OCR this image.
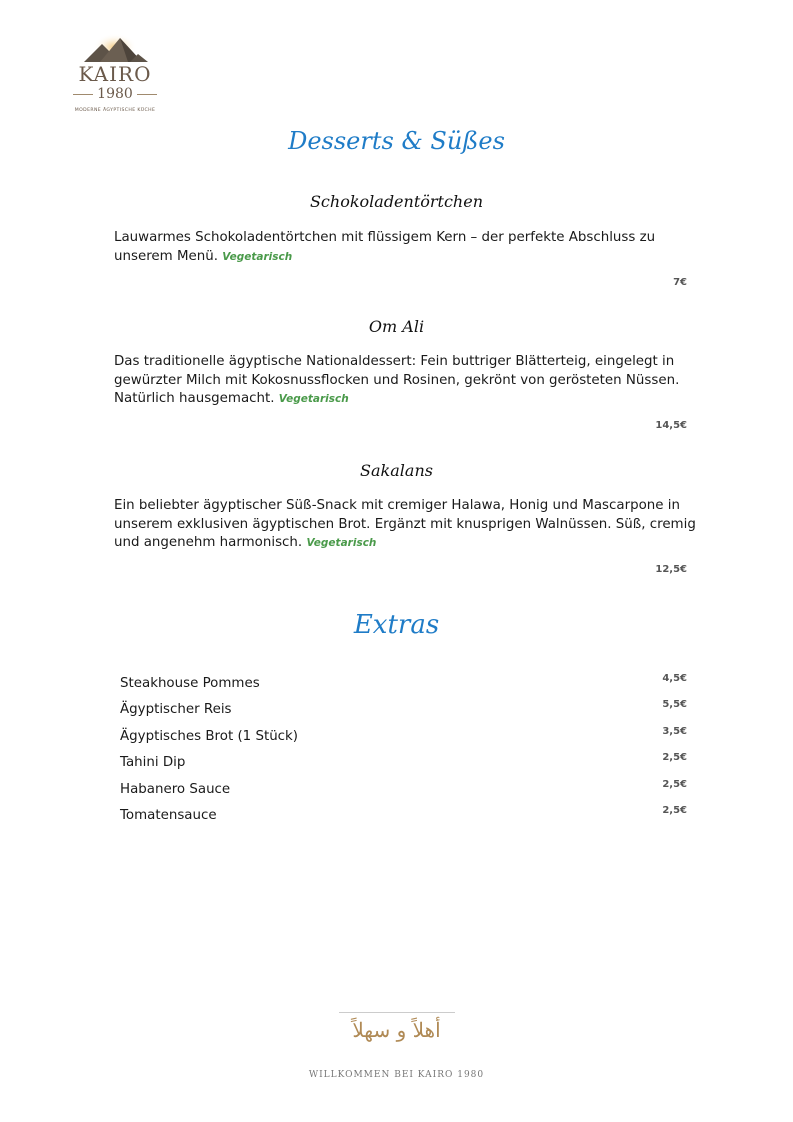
KAIRO
1980
MODERNE ÄGYPTISCHE KÜCHE
Desserts & Süßes
Schokoladentörtchen
Lauwarmes Schokoladentörtchen mit flüssigem Kern – der perfekte Abschluss zu unserem Menü. Vegetarisch
7€
Om Ali
Das traditionelle ägyptische Nationaldessert: Fein buttriger Blätterteig, eingelegt in gewürzter Milch mit Kokosnussflocken und Rosinen, gekrönt von gerösteten Nüssen. Natürlich hausgemacht. Vegetarisch
14,5€
Sakalans
Ein beliebter ägyptischer Süß-Snack mit cremiger Halawa, Honig und Mascarpone in unserem exklusiven ägyptischen Brot. Ergänzt mit knusprigen Walnüssen. Süß, cremig und angenehm harmonisch. Vegetarisch
12,5€
Extras
Steakhouse Pommes	4,5€
Ägyptischer Reis	5,5€
Ägyptisches Brot (1 Stück)	3,5€
Tahini Dip	2,5€
Habanero Sauce	2,5€
Tomatensauce	2,5€
أهلاً و سهلاً
WILLKOMMEN BEI KAIRO 1980
